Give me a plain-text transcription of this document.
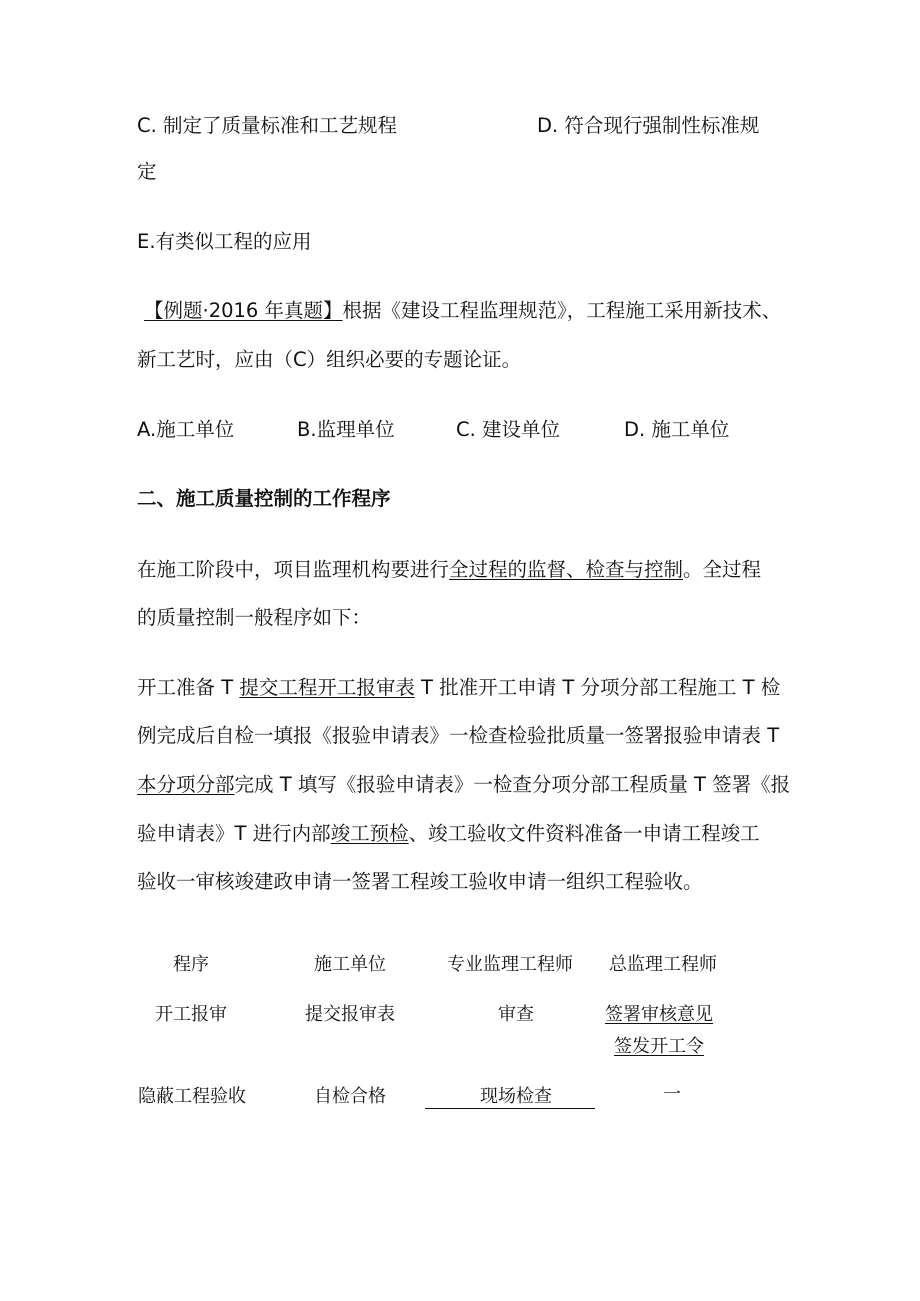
C. 制定了质量标准和工艺规程	D. 符合现行强制性标准规
定
E.有类似工程的应用
【例题·2016 年真题】根据《建设工程监理规范》，工程施工采用新技术、
新工艺时，应由（C）组织必要的专题论证。
A.施工单位	B.监理单位	C. 建设单位	D. 施工单位
二、施工质量控制的工作程序
在施工阶段中，项目监理机构要进行全过程的监督、检查与控制。全过程
的质量控制一般程序如下：
开工准备 T 提交工程开工报审表 T 批准开工申请 T 分项分部工程施工 T 检
例完成后自检一填报《报验申请表》一检查检验批质量一签署报验申请表 T
本分项分部完成 T 填写《报验申请表》一检查分项分部工程质量 T 签署《报
验申请表》T 进行内部竣工预检、竣工验收文件资料准备一申请工程竣工
验收一审核竣建政申请一签署工程竣工验收申请一组织工程验收。
程序	施工单位	专业监理工程师 总监理工程师
开工报审	提交报审表	审查	签署审核意见
签发开工令
隐蔽工程验收	自检合格	现场检查	一
